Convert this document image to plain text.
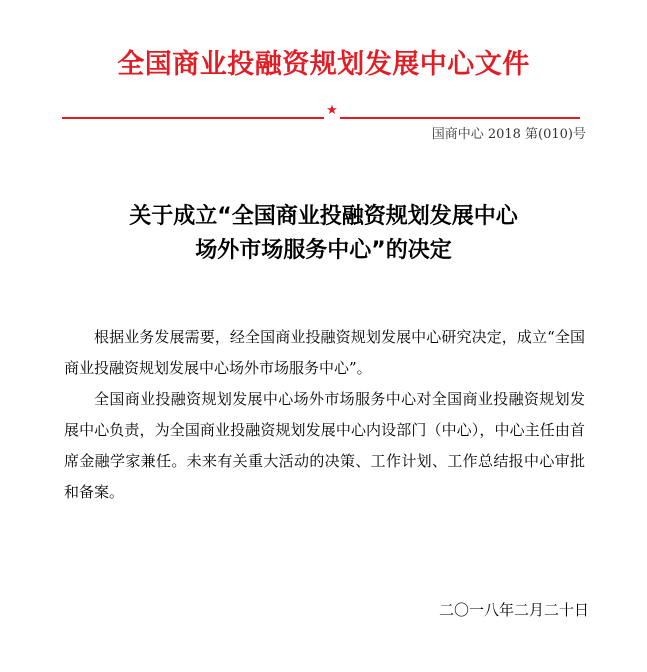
全国商业投融资规划发展中心文件
★
国商中心 2018 第(010)号
关于成立“全国商业投融资规划发展中心
场外市场服务中心”的决定

根据业务发展需要，经全国商业投融资规划发展中心研究决定，成立“全国商业投融资规划发展中心场外市场服务中心”。

全国商业投融资规划发展中心场外市场服务中心对全国商业投融资规划发展中心负责，为全国商业投融资规划发展中心内设部门（中心），中心主任由首席金融学家兼任。未来有关重大活动的决策、工作计划、工作总结报中心审批和备案。

二〇一八年二月二十日
